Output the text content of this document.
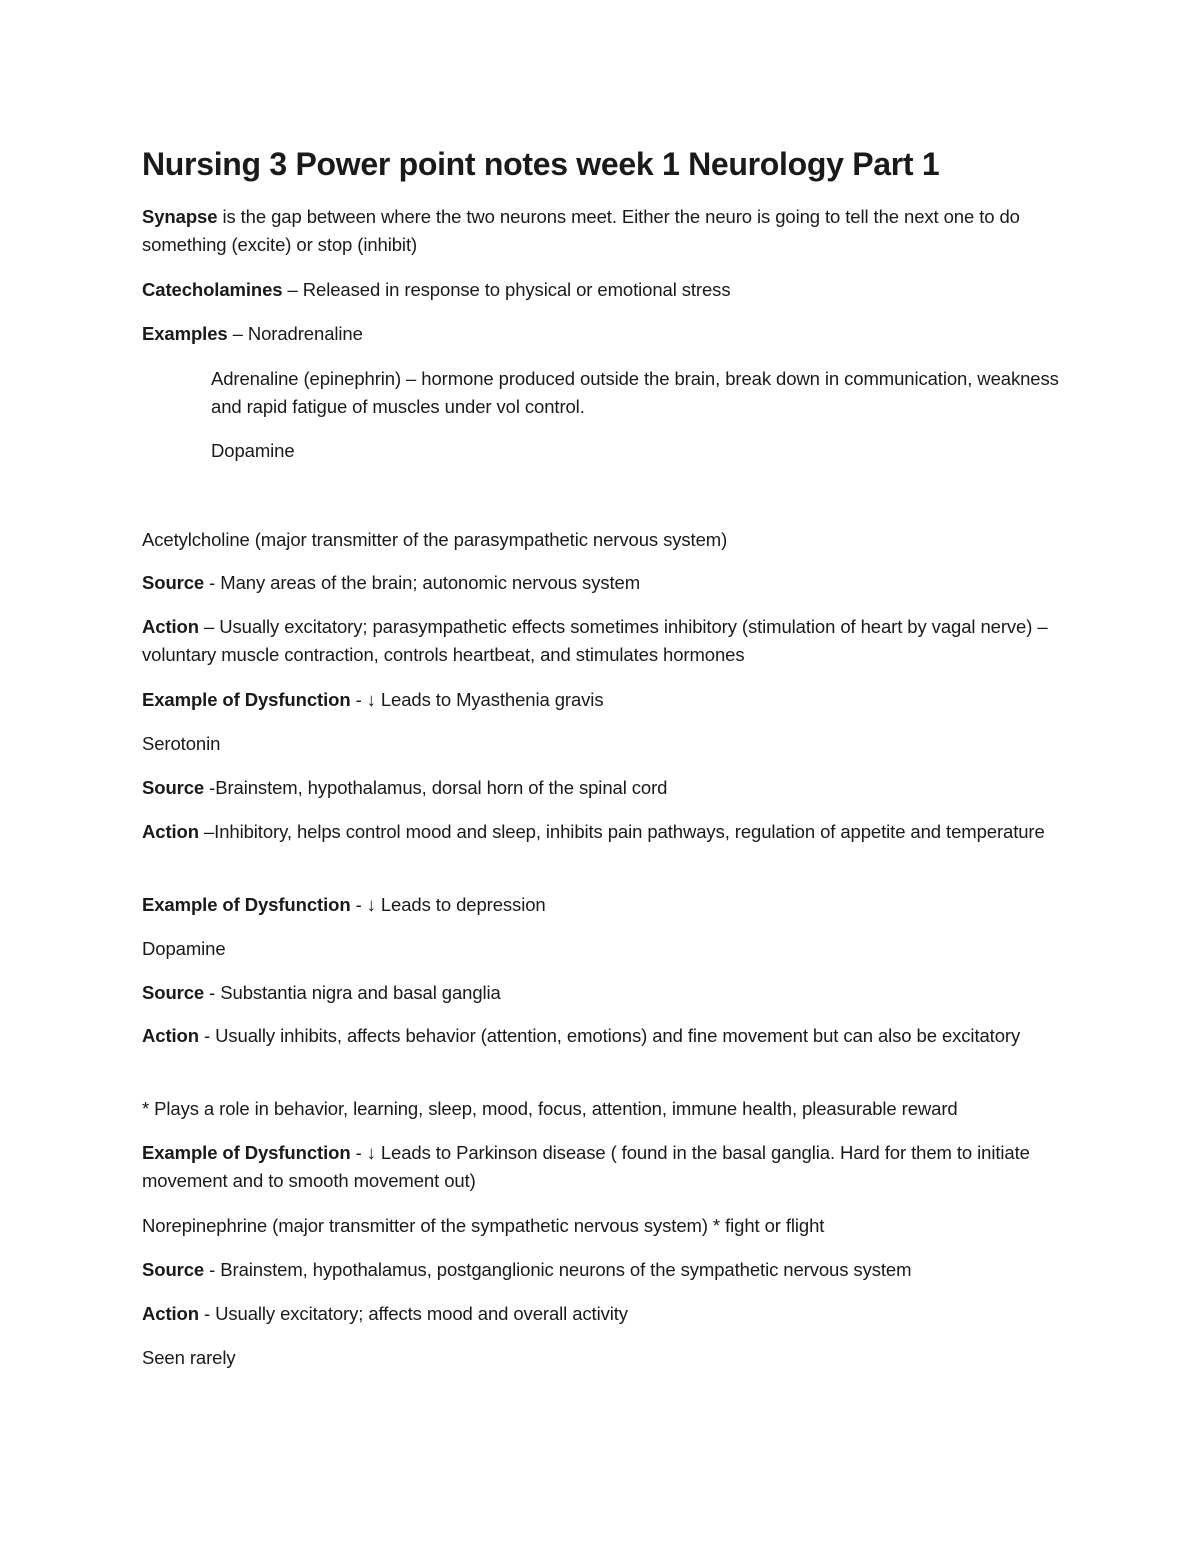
Nursing 3 Power point notes week 1 Neurology Part 1

Synapse is the gap between where the two neurons meet. Either the neuro is going to tell the next one to do something (excite) or stop (inhibit)

Catecholamines – Released in response to physical or emotional stress

Examples – Noradrenaline

Adrenaline (epinephrin) – hormone produced outside the brain, break down in communication, weakness and rapid fatigue of muscles under vol control.

Dopamine

Acetylcholine (major transmitter of the parasympathetic nervous system)

Source - Many areas of the brain; autonomic nervous system

Action – Usually excitatory; parasympathetic effects sometimes inhibitory (stimulation of heart by vagal nerve) – voluntary muscle contraction, controls heartbeat, and stimulates hormones

Example of Dysfunction - ↓ Leads to Myasthenia gravis

Serotonin

Source -Brainstem, hypothalamus, dorsal horn of the spinal cord

Action –Inhibitory, helps control mood and sleep, inhibits pain pathways, regulation of appetite and temperature

Example of Dysfunction - ↓ Leads to depression

Dopamine

Source - Substantia nigra and basal ganglia

Action - Usually inhibits, affects behavior (attention, emotions) and fine movement but can also be excitatory

* Plays a role in behavior, learning, sleep, mood, focus, attention, immune health, pleasurable reward

Example of Dysfunction - ↓ Leads to Parkinson disease ( found in the basal ganglia. Hard for them to initiate movement and to smooth movement out)

Norepinephrine (major transmitter of the sympathetic nervous system) * fight or flight

Source - Brainstem, hypothalamus, postganglionic neurons of the sympathetic nervous system

Action - Usually excitatory; affects mood and overall activity

Seen rarely
